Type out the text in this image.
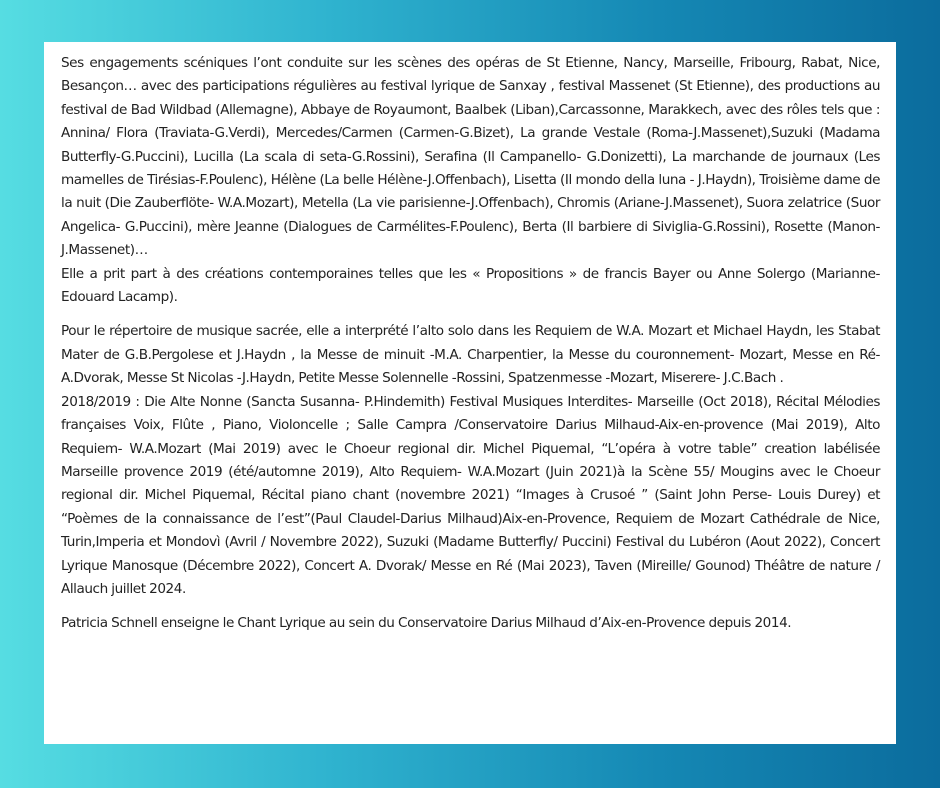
Ses engagements scéniques l’ont conduite sur les scènes des opéras de St Etienne, Nancy, Marseille, Fribourg, Rabat, Nice, Besançon… avec des participations régulières au festival lyrique de Sanxay , festival Massenet (St Etienne), des productions au festival de Bad Wildbad (Allemagne), Abbaye de Royaumont, Baalbek (Liban),Carcassonne, Marakkech, avec des rôles tels que : Annina/ Flora (Traviata-G.Verdi), Mercedes/Carmen (Carmen-G.Bizet), La grande Vestale (Roma-J.Massenet),Suzuki (Madama Butterfly-G.Puccini), Lucilla (La scala di seta-G.Rossini), Serafina (Il Campanello- G.Donizetti), La marchande de journaux (Les mamelles de Tirésias-F.Poulenc), Hélène (La belle Hélène-J.Offenbach), Lisetta (Il mondo della luna - J.Haydn), Troisième dame de la nuit (Die Zauberflöte- W.A.Mozart), Metella (La vie parisienne-J.Offenbach), Chromis (Ariane-J.Massenet), Suora zelatrice (Suor Angelica- G.Puccini), mère Jeanne (Dialogues de Carmélites-F.Poulenc), Berta (Il barbiere di Siviglia-G.Rossini), Rosette (Manon-J.Massenet)…

Elle a prit part à des créations contemporaines telles que les « Propositions » de francis Bayer ou Anne Solergo (Marianne- Edouard Lacamp).

Pour le répertoire de musique sacrée, elle a interprété l’alto solo dans les Requiem de W.A. Mozart et Michael Haydn, les Stabat Mater de G.B.Pergolese et J.Haydn , la Messe de minuit -M.A. Charpentier, la Messe du couronnement- Mozart, Messe en Ré-A.Dvorak, Messe St Nicolas -J.Haydn, Petite Messe Solennelle -Rossini, Spatzenmesse -Mozart, Miserere- J.C.Bach .

2018/2019 : Die Alte Nonne (Sancta Susanna- P.Hindemith) Festival Musiques Interdites- Marseille (Oct 2018), Récital Mélodies françaises Voix, Flûte , Piano, Violoncelle ; Salle Campra /Conservatoire Darius Milhaud-Aix-en-provence (Mai 2019), Alto Requiem- W.A.Mozart (Mai 2019) avec le Choeur regional dir. Michel Piquemal, “L’opéra à votre table” creation labélisée Marseille provence 2019 (été/automne 2019), Alto Requiem- W.A.Mozart (Juin 2021)à la Scène 55/ Mougins avec le Choeur regional dir. Michel Piquemal, Récital piano chant (novembre 2021) “Images à Crusoé ” (Saint John Perse- Louis Durey) et “Poèmes de la connaissance de l’est”(Paul Claudel-Darius Milhaud)Aix-en-Provence, Requiem de Mozart Cathédrale de Nice, Turin,Imperia et Mondovì (Avril / Novembre 2022), Suzuki (Madame Butterfly/ Puccini) Festival du Lubéron (Aout 2022), Concert Lyrique Manosque (Décembre 2022), Concert A. Dvorak/ Messe en Ré (Mai 2023), Taven (Mireille/ Gounod) Théâtre de nature / Allauch juillet 2024.

Patricia Schnell enseigne le Chant Lyrique au sein du Conservatoire Darius Milhaud d’Aix-en-Provence depuis 2014.
